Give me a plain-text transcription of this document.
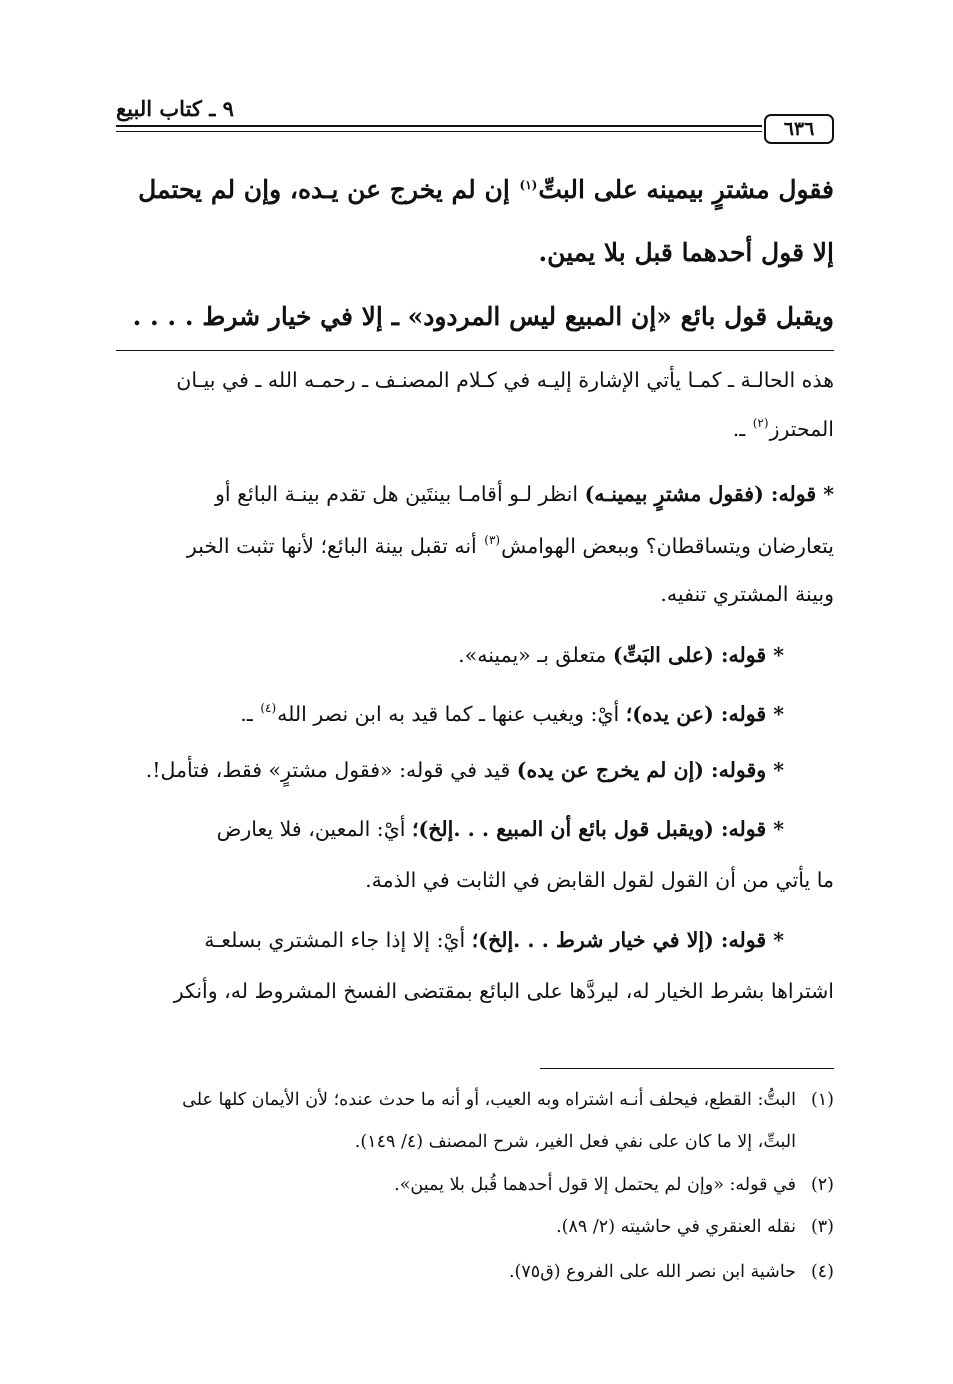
٦٣٦
٩ ـ كتاب البيع
فقول مشترٍ بيمينه على البتِّ$^{(١)}$ إن لم يخرج عن يـده، وإن لم يحتمل
إلا قول أحدهما قبل بلا يمين.
ويقبل قول بائع «إن المبيع ليس المردود» ـ إلا في خيار شرط . . . .
هذه الحالـة ـ كمـا يأتي الإشارة إليـه في كـلام المصنـف ـ رحمـه الله ـ في بيـان
المحترز$^{(٢)}$ ـ.
* قوله: (فقول مشترٍ بيمينـه) انظر لـو أقامـا بينتَين هل تقدم بينـة البائع أو
يتعارضان ويتساقطان؟ وببعض الهوامش$^{(٣)}$ أنه تقبل بينة البائع؛ لأنها تثبت الخبر
وبينة المشتري تنفيه.
* قوله: (على البَتِّ) متعلق بـ «يمينه».
* قوله: (عن يده)؛ أيْ: ويغيب عنها ـ كما قيد به ابن نصر الله$^{(٤)}$ ـ.
* وقوله: (إن لم يخرج عن يده) قيد في قوله: «فقول مشترٍ» فقط، فتأمل!.
* قوله: (ويقبل قول بائع أن المبيع . . .إلخ)؛ أيْ: المعين، فلا يعارض
ما يأتي من أن القول لقول القابض في الثابت في الذمة.
* قوله: (إلا في خيار شرط . . .إلخ)؛ أيْ: إلا إذا جاء المشتري بسلعـة
اشتراها بشرط الخيار له، ليردَّها على البائع بمقتضى الفسخ المشروط له، وأنكر
(١)البتُّ: القطع، فيحلف أنـه اشتراه وبه العيب، أو أنه ما حدث عنده؛ لأن الأيمان كلها على
البتِّ، إلا ما كان على نفي فعل الغير، شرح المصنف (٤/ ١٤٩).
(٢)في قوله: «وإن لم يحتمل إلا قول أحدهما قُبل بلا يمين».
(٣)نقله العنقري في حاشيته (٢/ ٨٩).
(٤)حاشية ابن نصر الله على الفروع (ق٧٥).
